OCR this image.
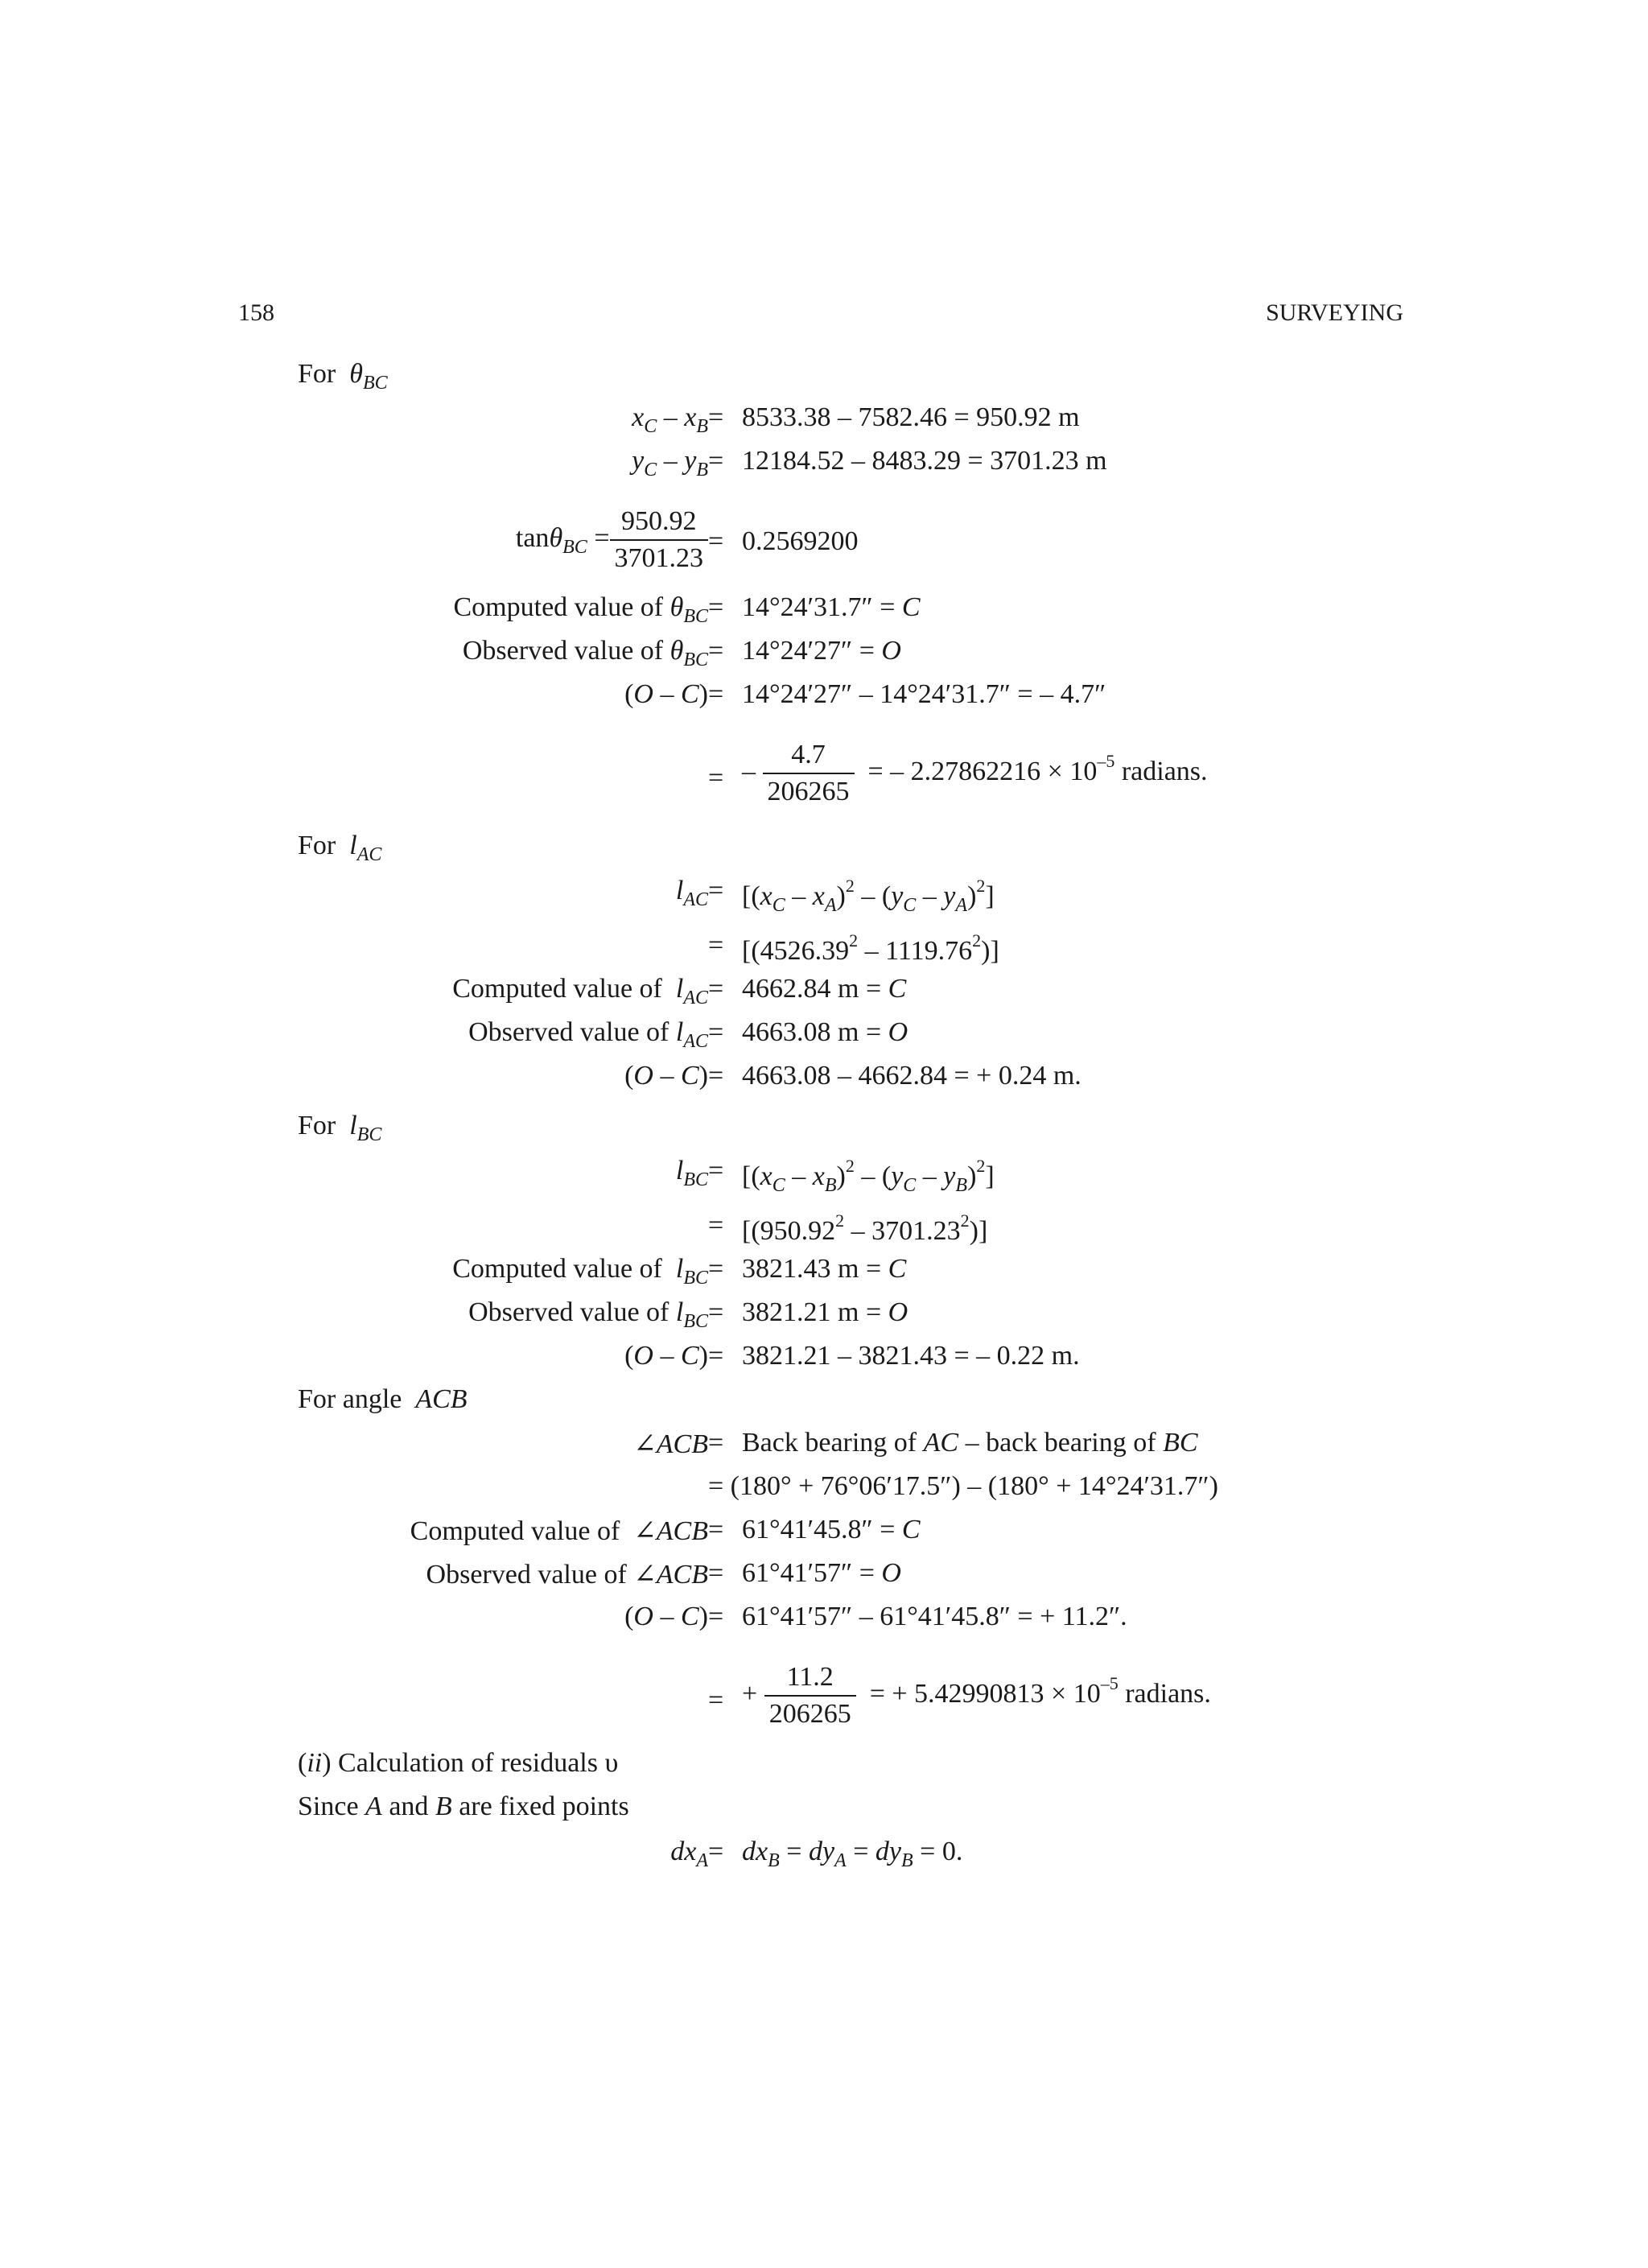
158	SURVEYING
For $\theta_{BC}$
$x_C - x_B = 8533.38 - 7582.46 = 950.92$ m
$y_C - y_B = 12184.52 - 8483.29 = 3701.23$ m
$\tan\theta_{BC} = \frac{950.92}{3701.23} = 0.2569200$
Computed value of $\theta_{BC} = 14^\circ 24'31.7'' = C$
Observed value of $\theta_{BC} = 14^\circ 24'27'' = O$
(O – C) = 14°24′27″ – 14°24′31.7″ = – 4.7″
= – $\frac{4.7}{206265}$ = – $2.27862216 \times 10^{-5}$ radians.
For $l_{AC}$
$l_{AC} = [(x_C - x_A)^2 - (y_C - y_A)^2]$
= $[(4526.39^2 - 1119.76^2)]$
Computed value of $l_{AC} = 4662.84$ m = C
Observed value of $l_{AC} = 4663.08$ m = O
(O – C) = 4663.08 – 4662.84 = + 0.24 m.
For $l_{BC}$
$l_{BC} = [(x_C - x_B)^2 - (y_C - y_B)^2]$
= $[(950.92^2 - 3701.23^2)]$
Computed value of $l_{BC} = 3821.43$ m = C
Observed value of $l_{BC} = 3821.21$ m = O
(O – C) = 3821.21 – 3821.43 = – 0.22 m.
For angle ACB
∠ACB = Back bearing of AC – back bearing of BC
= (180° + 76°06′17.5″) – (180° + 14°24′31.7″)
Computed value of  ∠ACB = 61°41′45.8″ = C
Observed value of ∠ACB = 61°41′57″ = O
(O – C) = 61°41′57″ – 61°41′45.8″ = + 11.2″.
= + $\frac{11.2}{206265}$ = + $5.42990813 \times 10^{-5}$ radians.
(ii) Calculation of residuals υ
Since A and B are fixed points
$dx_A = dx_B = dy_A = dy_B = 0$.
